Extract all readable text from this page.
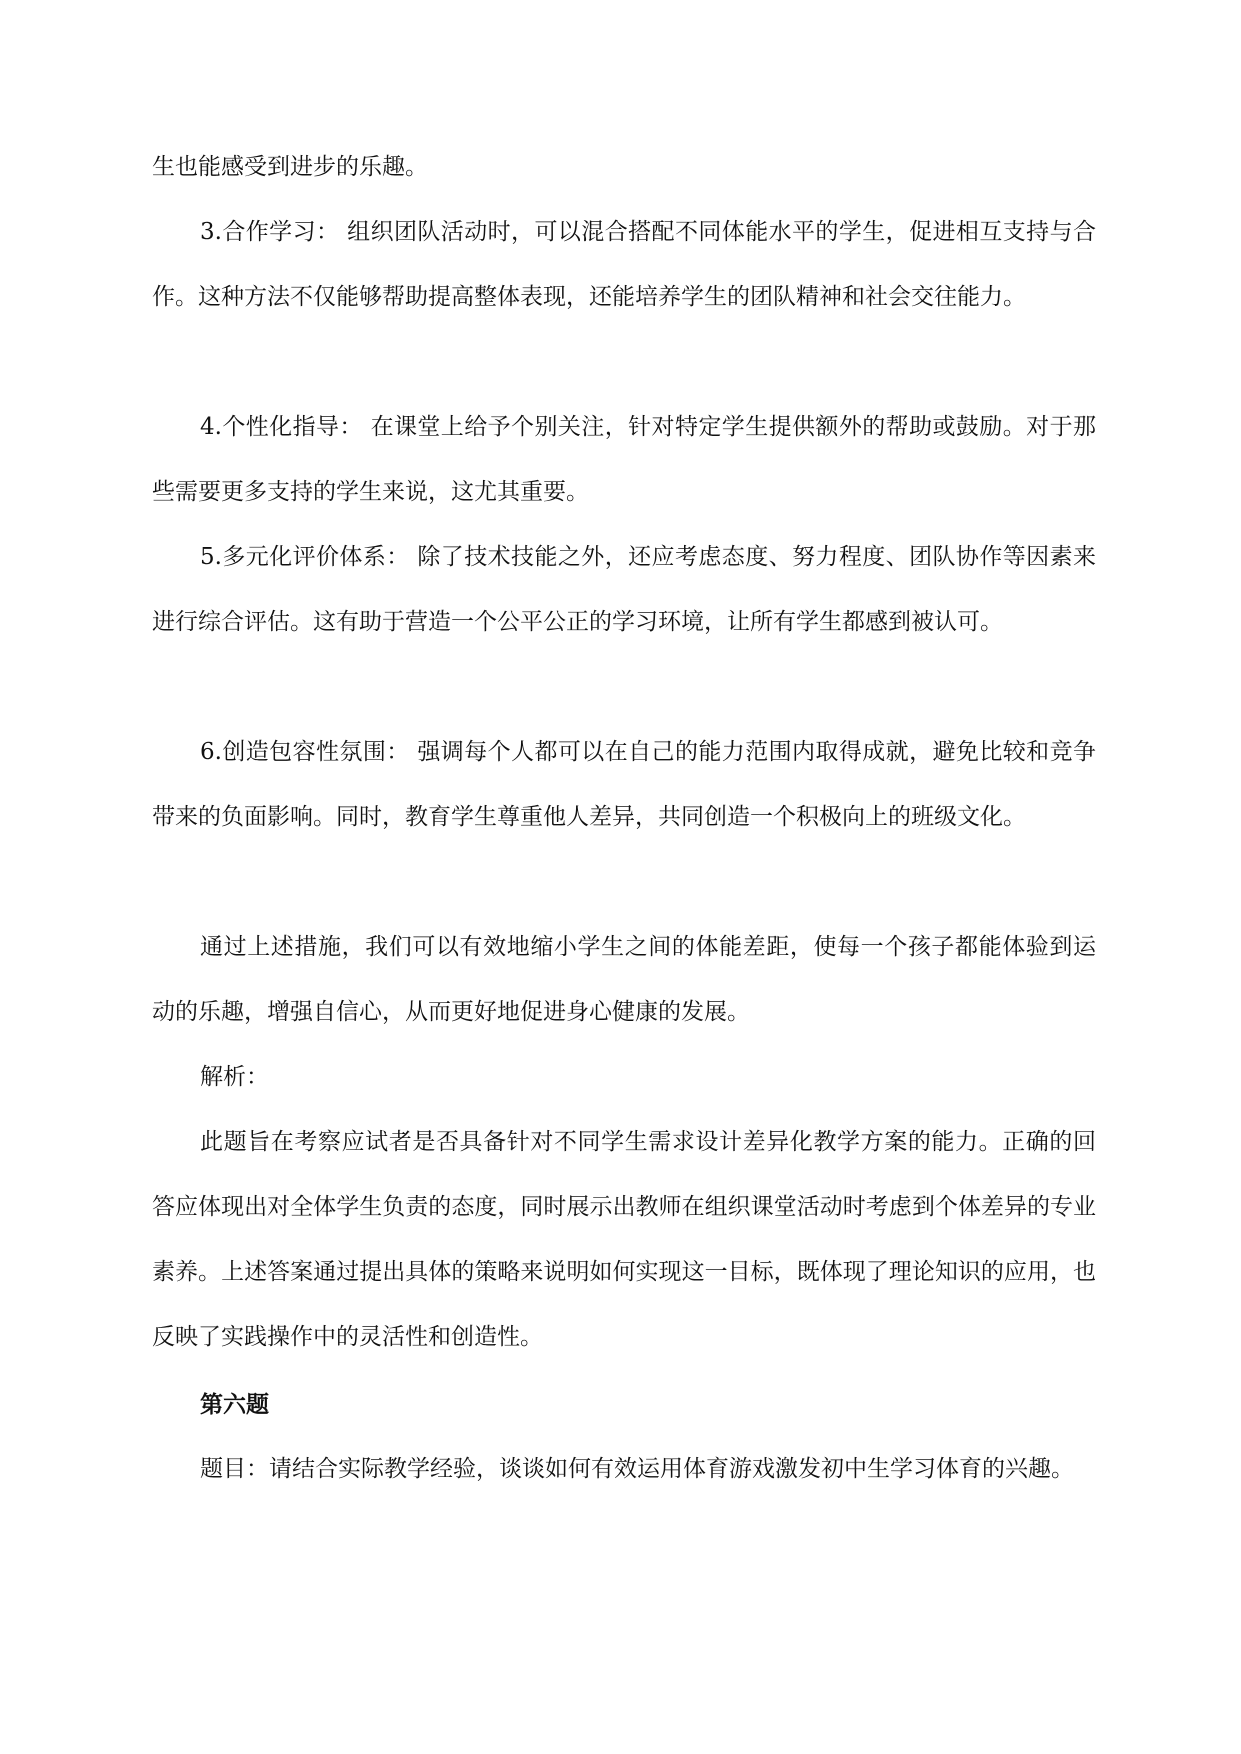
生也能感受到进步的乐趣。

3.合作学习： 组织团队活动时，可以混合搭配不同体能水平的学生，促进相互支持与合作。这种方法不仅能够帮助提高整体表现，还能培养学生的团队精神和社会交往能力。

4.个性化指导： 在课堂上给予个别关注，针对特定学生提供额外的帮助或鼓励。对于那些需要更多支持的学生来说，这尤其重要。

5.多元化评价体系： 除了技术技能之外，还应考虑态度、努力程度、团队协作等因素来进行综合评估。这有助于营造一个公平公正的学习环境，让所有学生都感到被认可。

6.创造包容性氛围： 强调每个人都可以在自己的能力范围内取得成就，避免比较和竞争带来的负面影响。同时，教育学生尊重他人差异，共同创造一个积极向上的班级文化。

通过上述措施，我们可以有效地缩小学生之间的体能差距，使每一个孩子都能体验到运动的乐趣，增强自信心，从而更好地促进身心健康的发展。

解析：

此题旨在考察应试者是否具备针对不同学生需求设计差异化教学方案的能力。正确的回答应体现出对全体学生负责的态度，同时展示出教师在组织课堂活动时考虑到个体差异的专业素养。上述答案通过提出具体的策略来说明如何实现这一目标，既体现了理论知识的应用，也反映了实践操作中的灵活性和创造性。

第六题

题目：请结合实际教学经验，谈谈如何有效运用体育游戏激发初中生学习体育的兴趣。
